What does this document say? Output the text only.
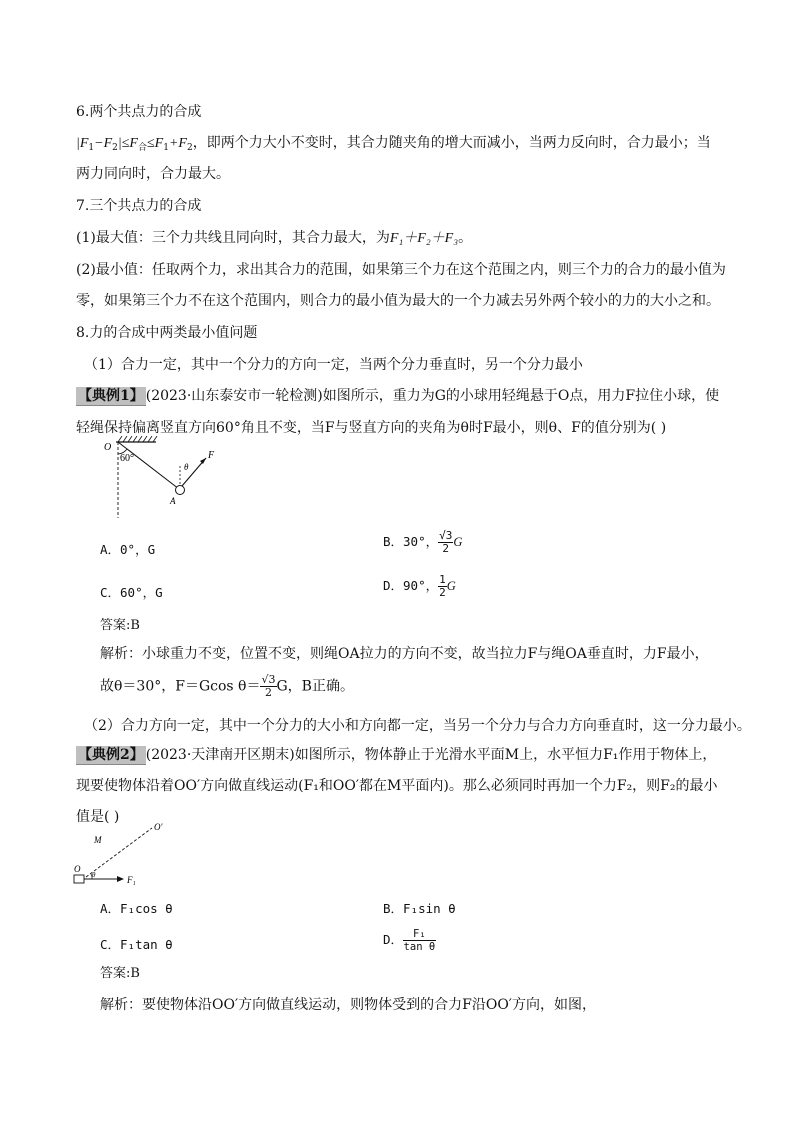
6.两个共点力的合成
$|F_1-F_2|\le F_合\le F_1+F_2$，即两个力大小不变时，其合力随夹角的增大而减小，当两力反向时，合力最小；当
两力同向时，合力最大。
7.三个共点力的合成
(1)最大值：三个力共线且同向时，其合力最大，为F₁＋F₂＋F₃。
(2)最小值：任取两个力，求出其合力的范围，如果第三个力在这个范围之内，则三个力的合力的最小值为
零，如果第三个力不在这个范围内，则合力的最小值为最大的一个力减去另外两个较小的力的大小之和。
8.力的合成中两类最小值问题
（1）合力一定，其中一个分力的方向一定，当两个分力垂直时，另一个分力最小
【典例1】 (2023·山东泰安市一轮检测)如图所示，重力为G的小球用轻绳悬于O点，用力F拉住小球，使
轻绳保持偏离竖直方向60°角且不变，当F与竖直方向的夹角为θ时F最小，则θ、F的值分别为( )
O
60°
θ
F
A
A．0°，G
B．30°， $\frac{√3}{2}$ G
C．60°，G	D．90°， $\frac{1}{2}$ G
答案:B
解析：小球重力不变，位置不变，则绳OA拉力的方向不变，故当拉力F与绳OA垂直时，力F最小，
故θ＝30°，F＝Gcos $\theta= \frac{√3}{2}$ G，B正确。
（2）合力方向一定，其中一个分力的大小和方向都一定，当另一个分力与合力方向垂直时，这一分力最小。
【典例2】 (2023·天津南开区期末)如图所示，物体静止于光滑水平面M上，水平恒力F₁作用于物体上，
现要使物体沿着OO′方向做直线运动(F₁和OO′都在M平面内)。那么必须同时再加一个力F₂，则F₂的最小
值是( )
M
O′
O
θ	F₁
A．F₁cos θ	B．F₁sin θ
C．F₁tan θ	D． $\frac{\text{F₁}}{\text{tan θ}}$
答案:B
解析：要使物体沿OO′方向做直线运动，则物体受到的合力F沿OO′方向，如图，
